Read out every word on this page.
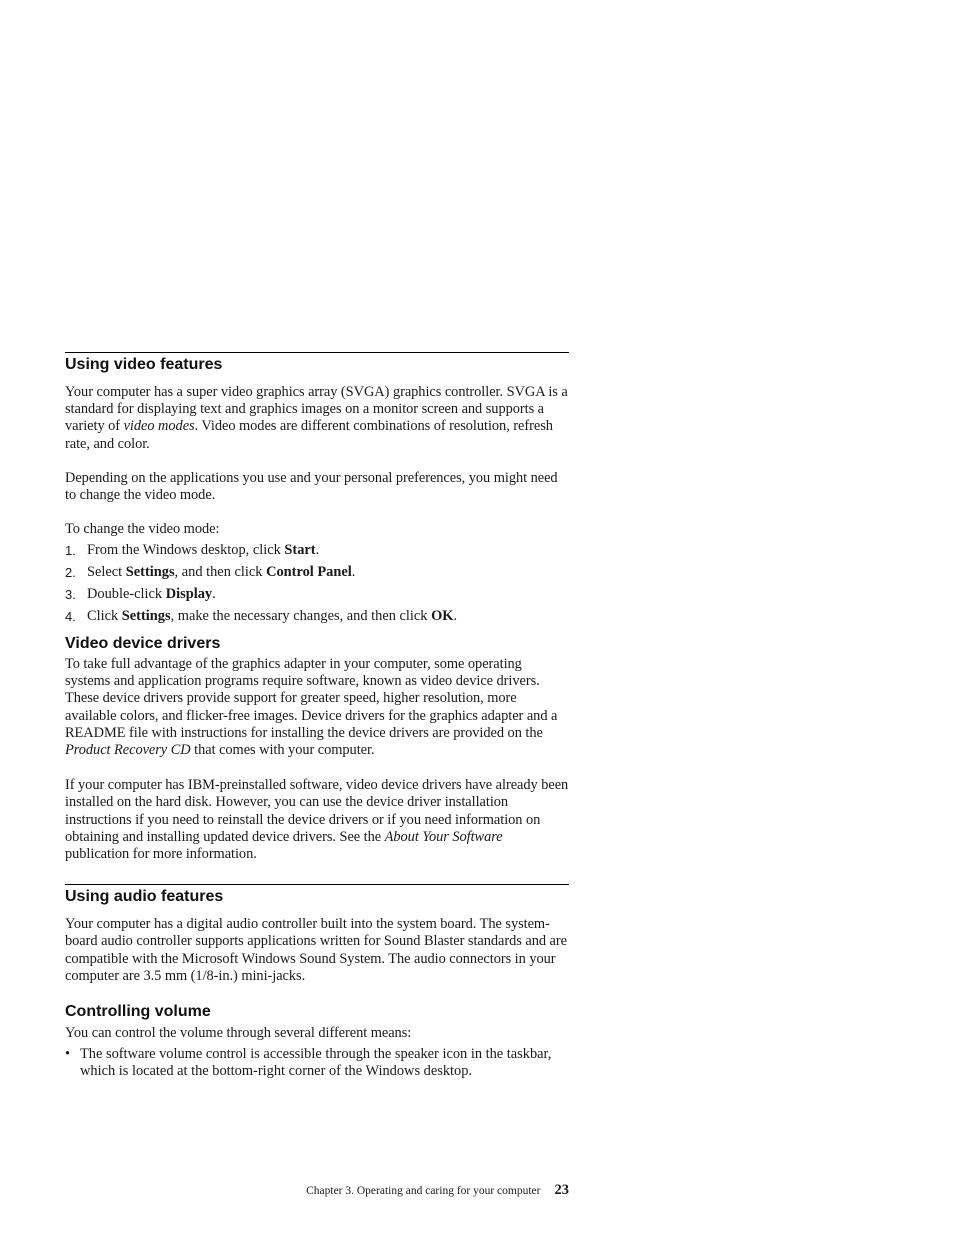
Using video features

Your computer has a super video graphics array (SVGA) graphics controller. SVGA is a standard for displaying text and graphics images on a monitor screen and supports a variety of video modes. Video modes are different combinations of resolution, refresh rate, and color.

Depending on the applications you use and your personal preferences, you might need to change the video mode.

To change the video mode:

1. From the Windows desktop, click Start.
2. Select Settings, and then click Control Panel.
3. Double-click Display.
4. Click Settings, make the necessary changes, and then click OK.
Video device drivers

To take full advantage of the graphics adapter in your computer, some operating systems and application programs require software, known as video device drivers. These device drivers provide support for greater speed, higher resolution, more available colors, and flicker-free images. Device drivers for the graphics adapter and a README file with instructions for installing the device drivers are provided on the Product Recovery CD that comes with your computer.

If your computer has IBM-preinstalled software, video device drivers have already been installed on the hard disk. However, you can use the device driver installation instructions if you need to reinstall the device drivers or if you need information on obtaining and installing updated device drivers. See the About Your Software publication for more information.

Using audio features

Your computer has a digital audio controller built into the system board. The system-board audio controller supports applications written for Sound Blaster standards and are compatible with the Microsoft Windows Sound System. The audio connectors in your computer are 3.5 mm (1/8-in.) mini-jacks.

Controlling volume

You can control the volume through several different means:

• The software volume control is accessible through the speaker icon in the taskbar, which is located at the bottom-right corner of the Windows desktop.
Chapter 3. Operating and caring for your computer 23
